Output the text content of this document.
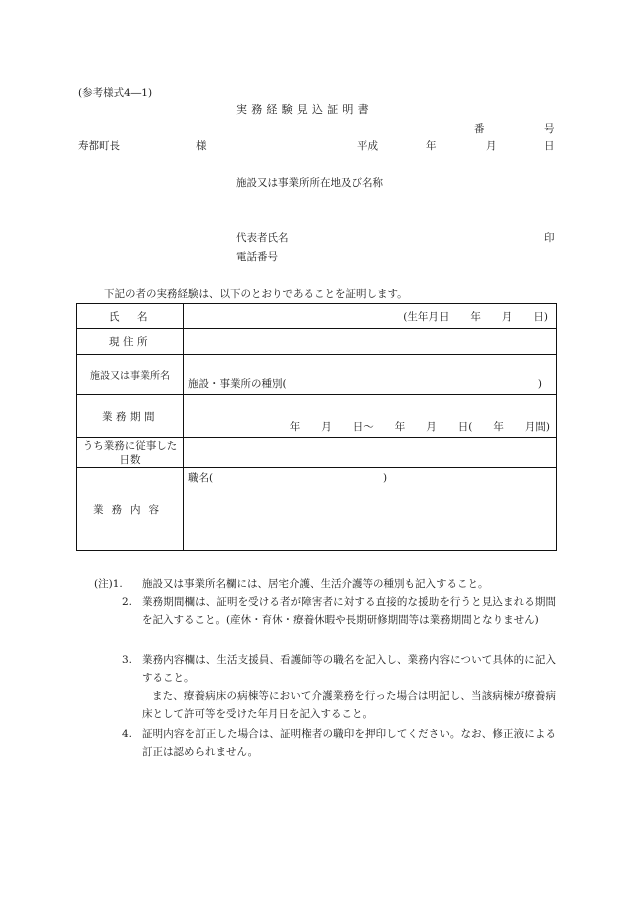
(参考様式4―1)
実務経験見込証明書
番	号
寿都町長	様	平成	年	月	日
施設又は事業所所在地及び名称
代表者氏名	印
電話番号
下記の者の実務経験は、以下のとおりであることを証明します。
氏　名	(生年月日　　年　　月　　日)

現住所	
施設又は事業所名	施設・事業所の種別( )

業務期間	年　　月　　日～　　年　　月　　日(　　年　　月間)

うち業務に従事した日数	
業務内容	職名( )
(注)1. 施設又は事業所名欄には、居宅介護、生活介護等の種別も記入すること。
2. 業務期間欄は、証明を受ける者が障害者に対する直接的な援助を行うと見込まれる期間を記入すること。(産休・育休・療養休暇や長期研修期間等は業務期間となりません)
3. 業務内容欄は、生活支援員、看護師等の職名を記入し、業務内容について具体的に記入すること。
また、療養病床の病棟等において介護業務を行った場合は明記し、当該病棟が療養病床として許可等を受けた年月日を記入すること。
4. 証明内容を訂正した場合は、証明権者の職印を押印してください。なお、修正液による訂正は認められません。
